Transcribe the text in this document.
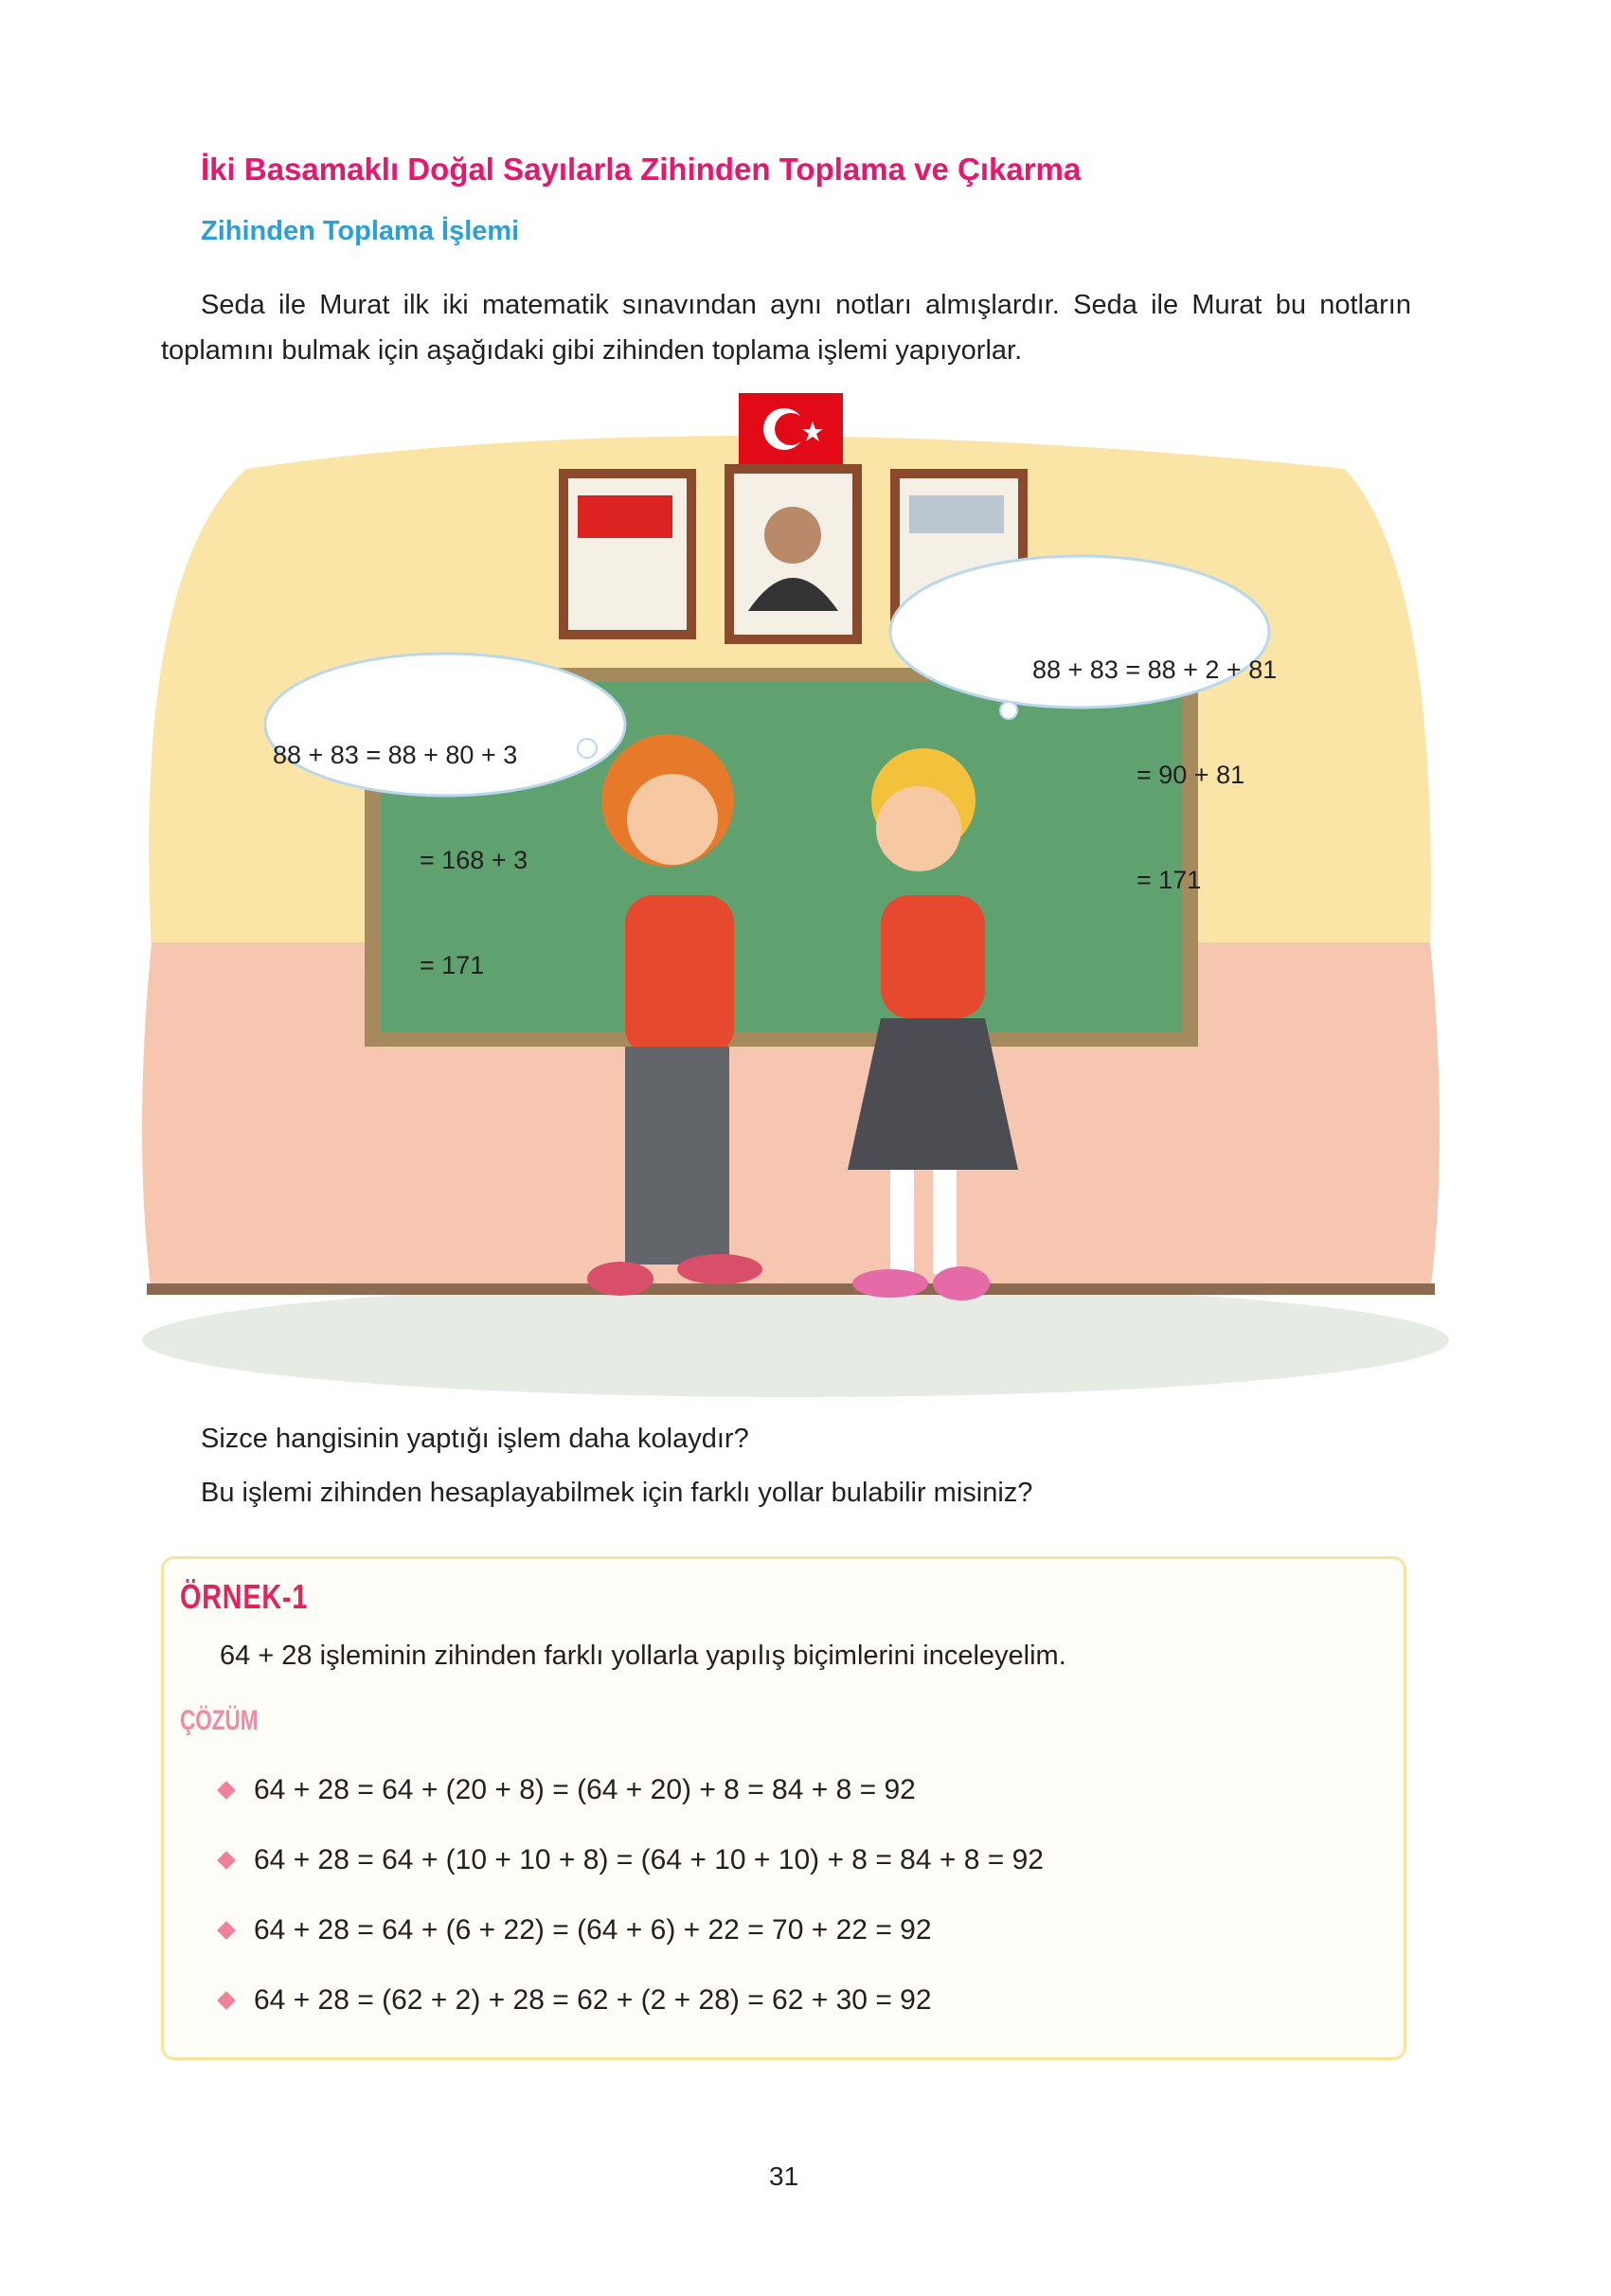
İki Basamaklı Doğal Sayılarla Zihinden Toplama ve Çıkarma
Zihinden Toplama İşlemi
Seda ile Murat ilk iki matematik sınavından aynı notları almışlardır. Seda ile Murat bu notların toplamını bulmak için aşağıdaki gibi zihinden toplama işlemi yapıyorlar.

88 + 83 = 88 + 80 + 3

= 168 + 3

= 171

88 + 83 = 88 + 2 + 81

= 90 + 81

= 171

Sizce hangisinin yaptığı işlem daha kolaydır?
Bu işlemi zihinden hesaplayabilmek için farklı yollar bulabilir misiniz?
ÖRNEK-1
64 + 28 işleminin zihinden farklı yollarla yapılış biçimlerini inceleyelim.
ÇÖZÜM
64 + 28 = 64 + (20 + 8) = (64 + 20) + 8 = 84 + 8 = 92
64 + 28 = 64 + (10 + 10 + 8) = (64 + 10 + 10) + 8 = 84 + 8 = 92
64 + 28 = 64 + (6 + 22) = (64 + 6) + 22 = 70 + 22 = 92
64 + 28 = (62 + 2) + 28 = 62 + (2 + 28) = 62 + 30 = 92
31
